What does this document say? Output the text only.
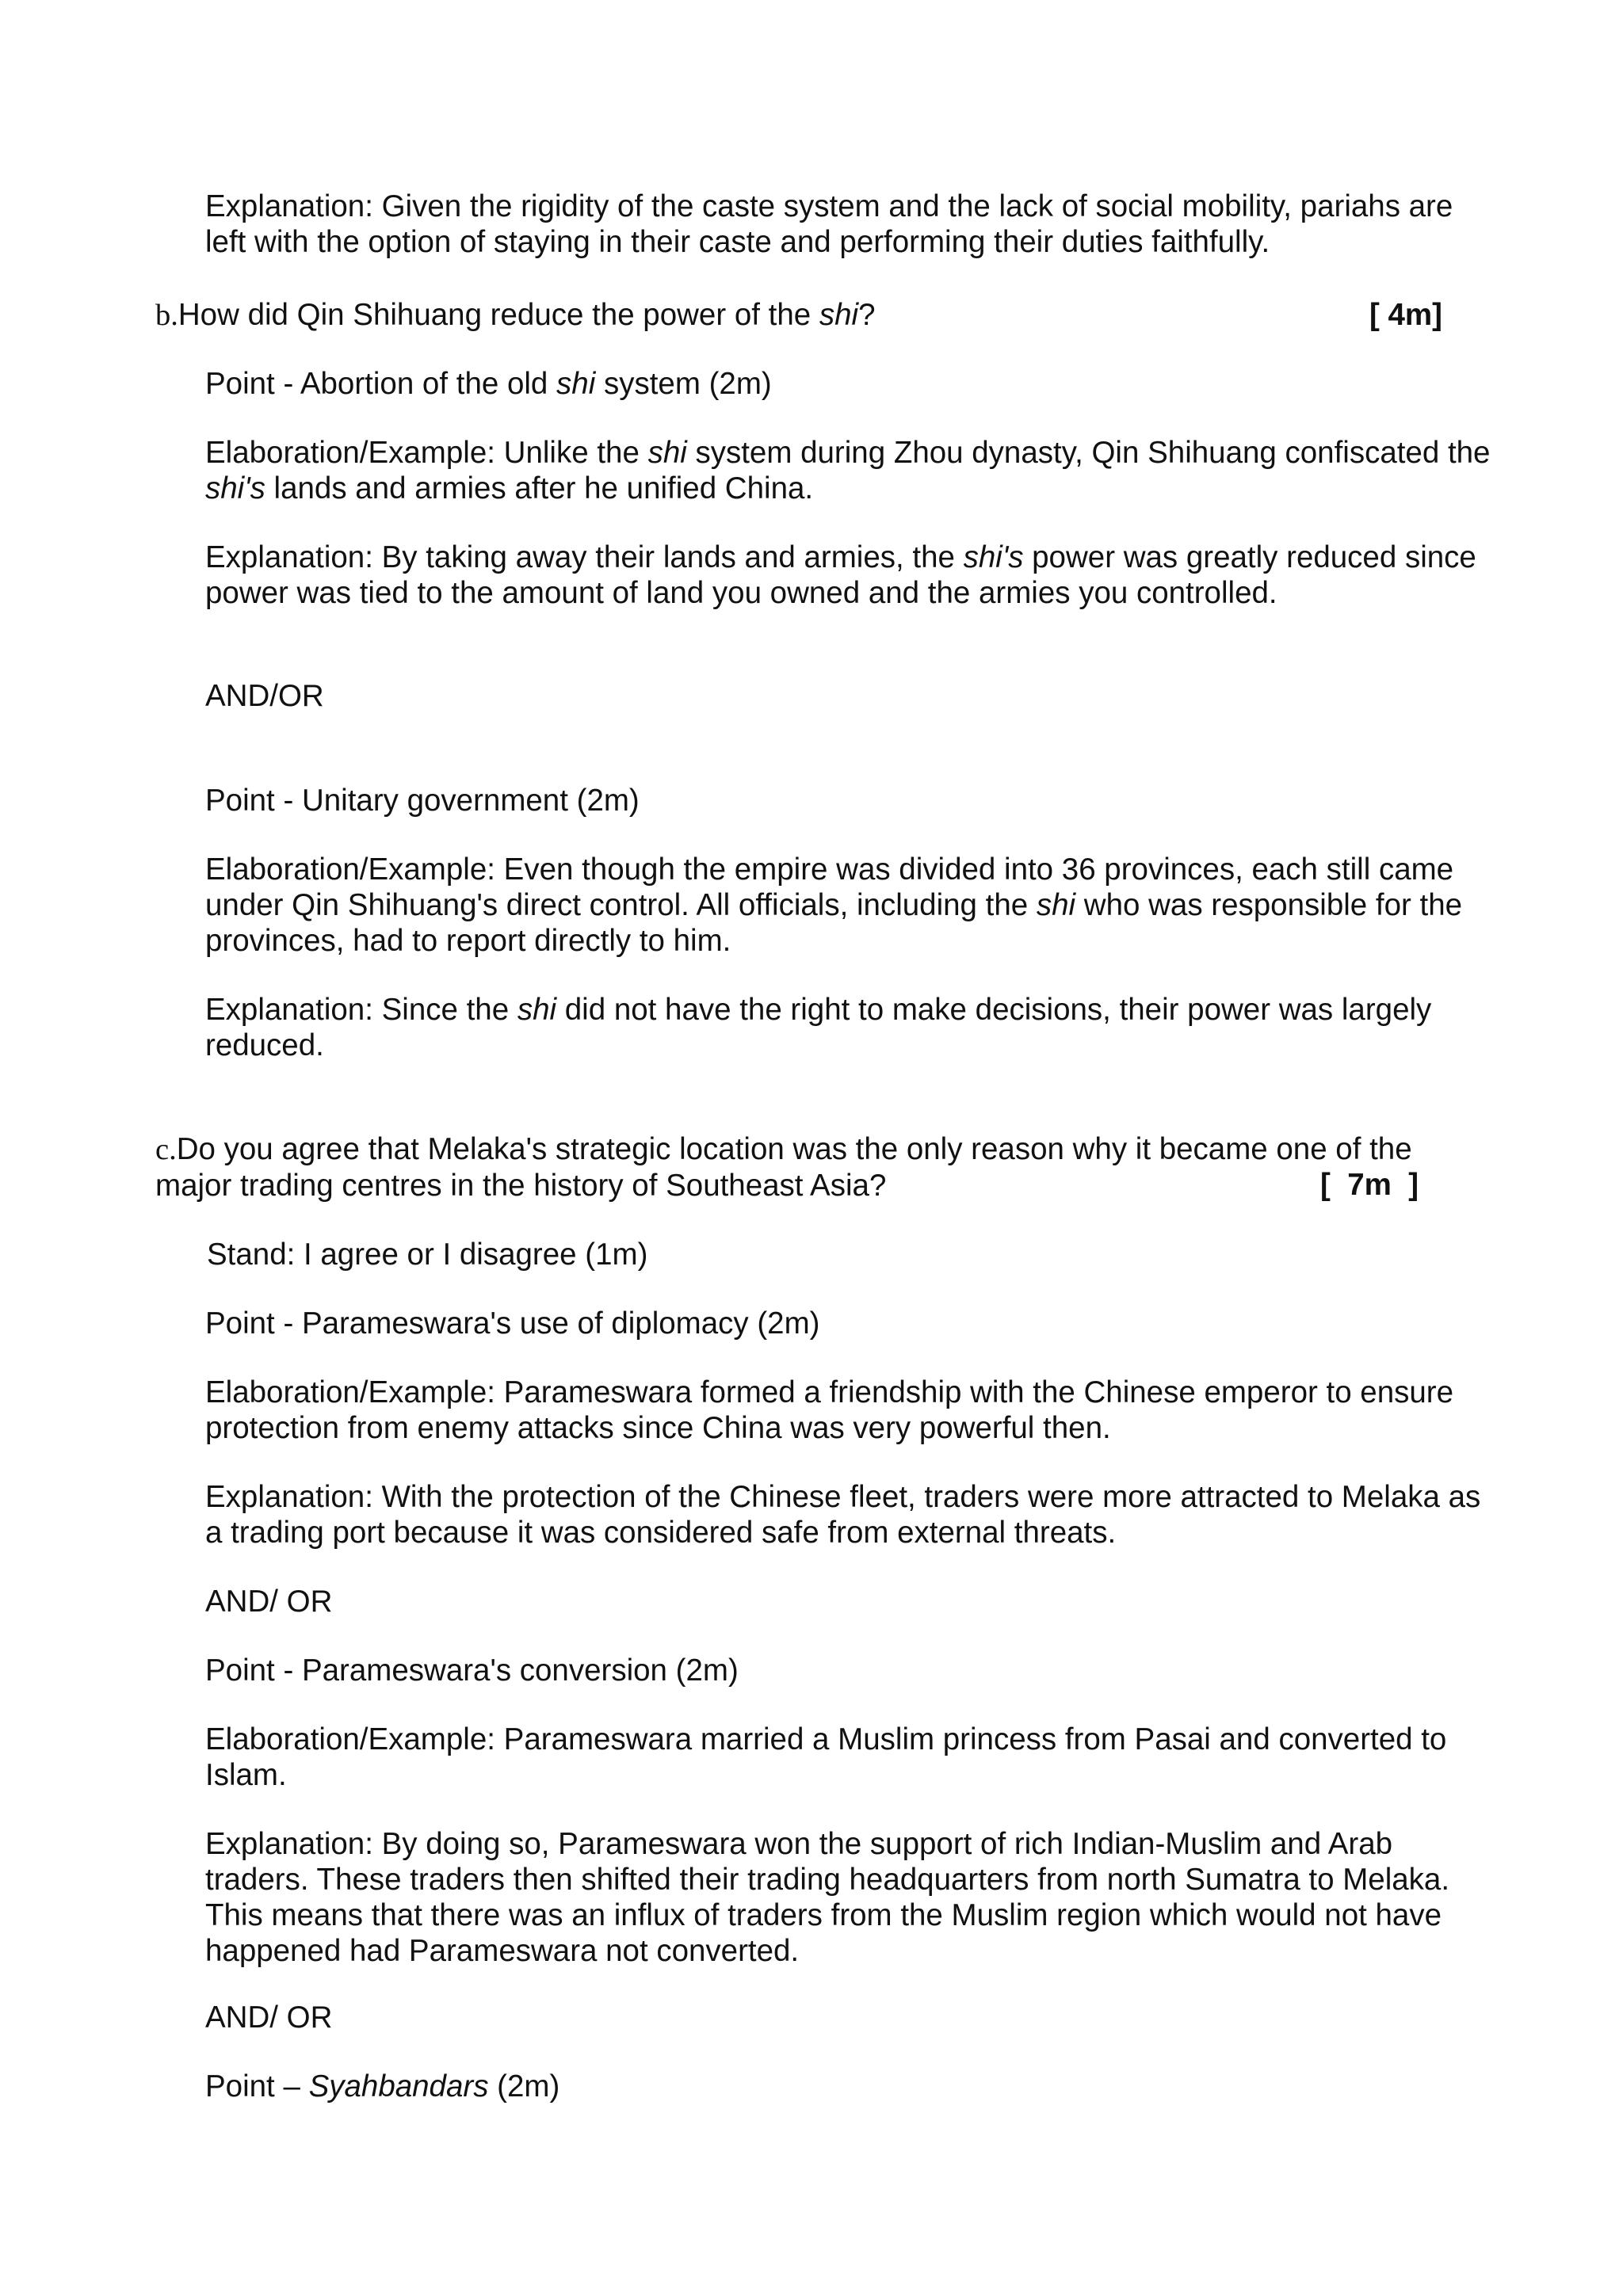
Explanation: Given the rigidity of the caste system and the lack of social mobility, pariahs are
left with the option of staying in their caste and performing their duties faithfully.

b.How did Qin Shihuang reduce the power of the shi?	[ 4m]

Point - Abortion of the old shi system (2m)

Elaboration/Example: Unlike the shi system during Zhou dynasty, Qin Shihuang confiscated the
shi's lands and armies after he unified China.

Explanation: By taking away their lands and armies, the shi's power was greatly reduced since
power was tied to the amount of land you owned and the armies you controlled.

AND/OR

Point - Unitary government (2m)

Elaboration/Example: Even though the empire was divided into 36 provinces, each still came
under Qin Shihuang's direct control. All officials, including the shi who was responsible for the
provinces, had to report directly to him.

Explanation: Since the shi did not have the right to make decisions, their power was largely
reduced.

c.Do you agree that Melaka's strategic location was the only reason why it became one of the
major trading centres in the history of Southeast Asia?	[  7m  ]

Stand: I agree or I disagree (1m)

Point - Parameswara's use of diplomacy (2m)

Elaboration/Example: Parameswara formed a friendship with the Chinese emperor to ensure
protection from enemy attacks since China was very powerful then.

Explanation: With the protection of the Chinese fleet, traders were more attracted to Melaka as
a trading port because it was considered safe from external threats.

AND/ OR

Point - Parameswara's conversion (2m)

Elaboration/Example: Parameswara married a Muslim princess from Pasai and converted to
Islam.

Explanation: By doing so, Parameswara won the support of rich Indian-Muslim and Arab
traders. These traders then shifted their trading headquarters from north Sumatra to Melaka.
This means that there was an influx of traders from the Muslim region which would not have
happened had Parameswara not converted.

AND/ OR

Point – Syahbandars (2m)
